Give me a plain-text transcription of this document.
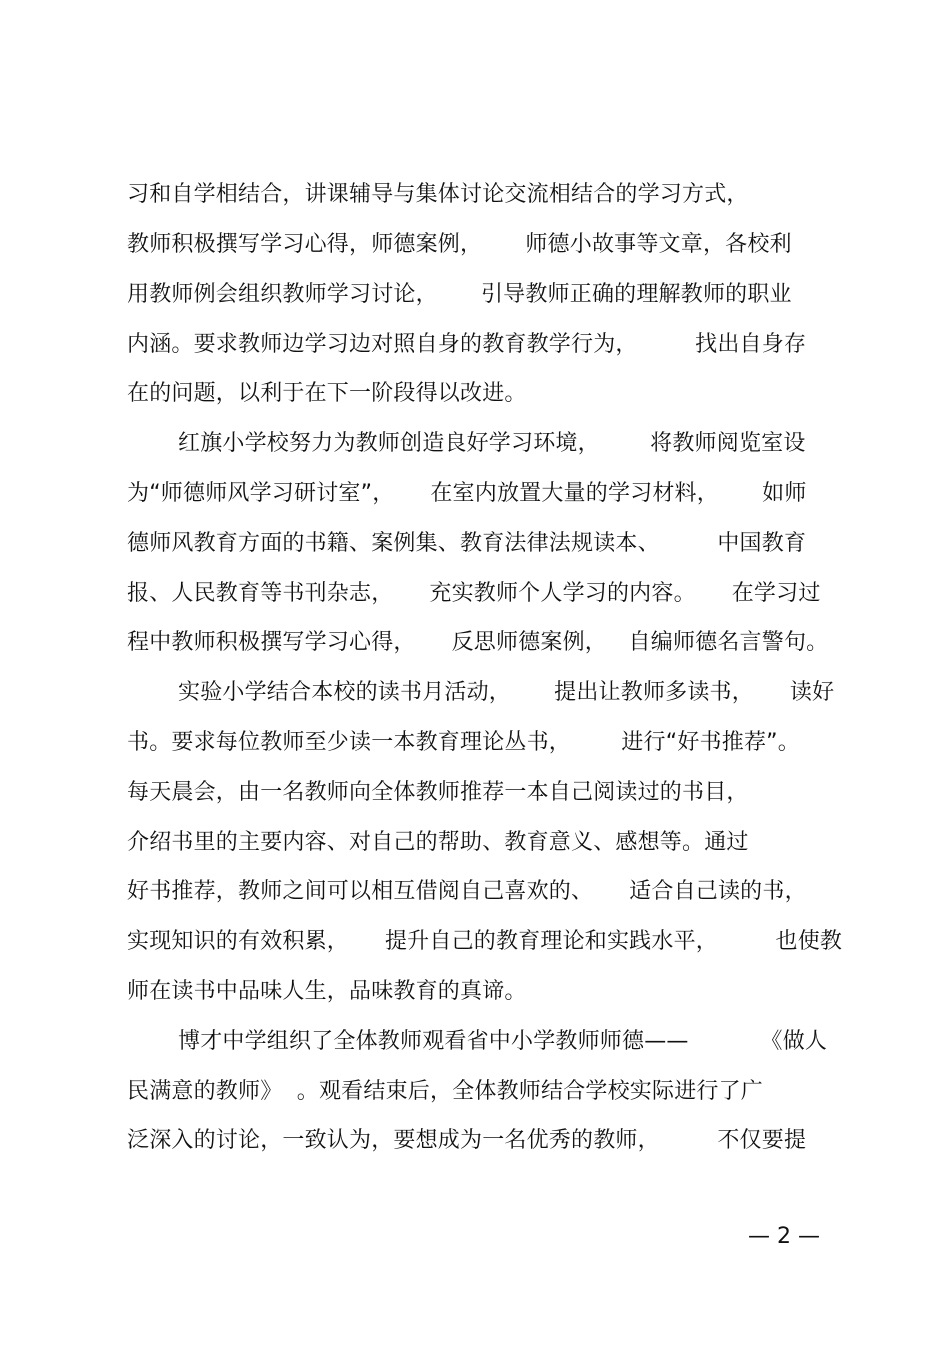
习和自学相结合，讲课辅导与集体讨论交流相结合的学习方式，
教师积极撰写学习心得，师德案例，      师德小故事等文章，各校利
用教师例会组织教师学习讨论，      引导教师正确的理解教师的职业
内涵。要求教师边学习边对照自身的教育教学行为，        找出自身存
在的问题，以利于在下一阶段得以改进。
红旗小学校努力为教师创造良好学习环境，       将教师阅览室设
为“师德师风学习研讨室”，     在室内放置大量的学习材料，      如师
德师风教育方面的书籍、案例集、教育法律法规读本、        中国教育
报、人民教育等书刊杂志，     充实教师个人学习的内容。     在学习过
程中教师积极撰写学习心得，     反思师德案例，   自编师德名言警句。
实验小学结合本校的读书月活动，      提出让教师多读书，     读好
书。要求每位教师至少读一本教育理论丛书，       进行“好书推荐”。
每天晨会，由一名教师向全体教师推荐一本自己阅读过的书目，
介绍书里的主要内容、对自己的帮助、教育意义、感想等。通过
好书推荐，教师之间可以相互借阅自己喜欢的、     适合自己读的书，
实现知识的有效积累，     提升自己的教育理论和实践水平，        也使教
师在读书中品味人生，品味教育的真谛。
博才中学组织了全体教师观看省中小学教师师德——          《做人
民满意的教师》  。观看结束后，全体教师结合学校实际进行了广
泛深入的讨论，一致认为，要想成为一名优秀的教师，        不仅要提
— 2 —
